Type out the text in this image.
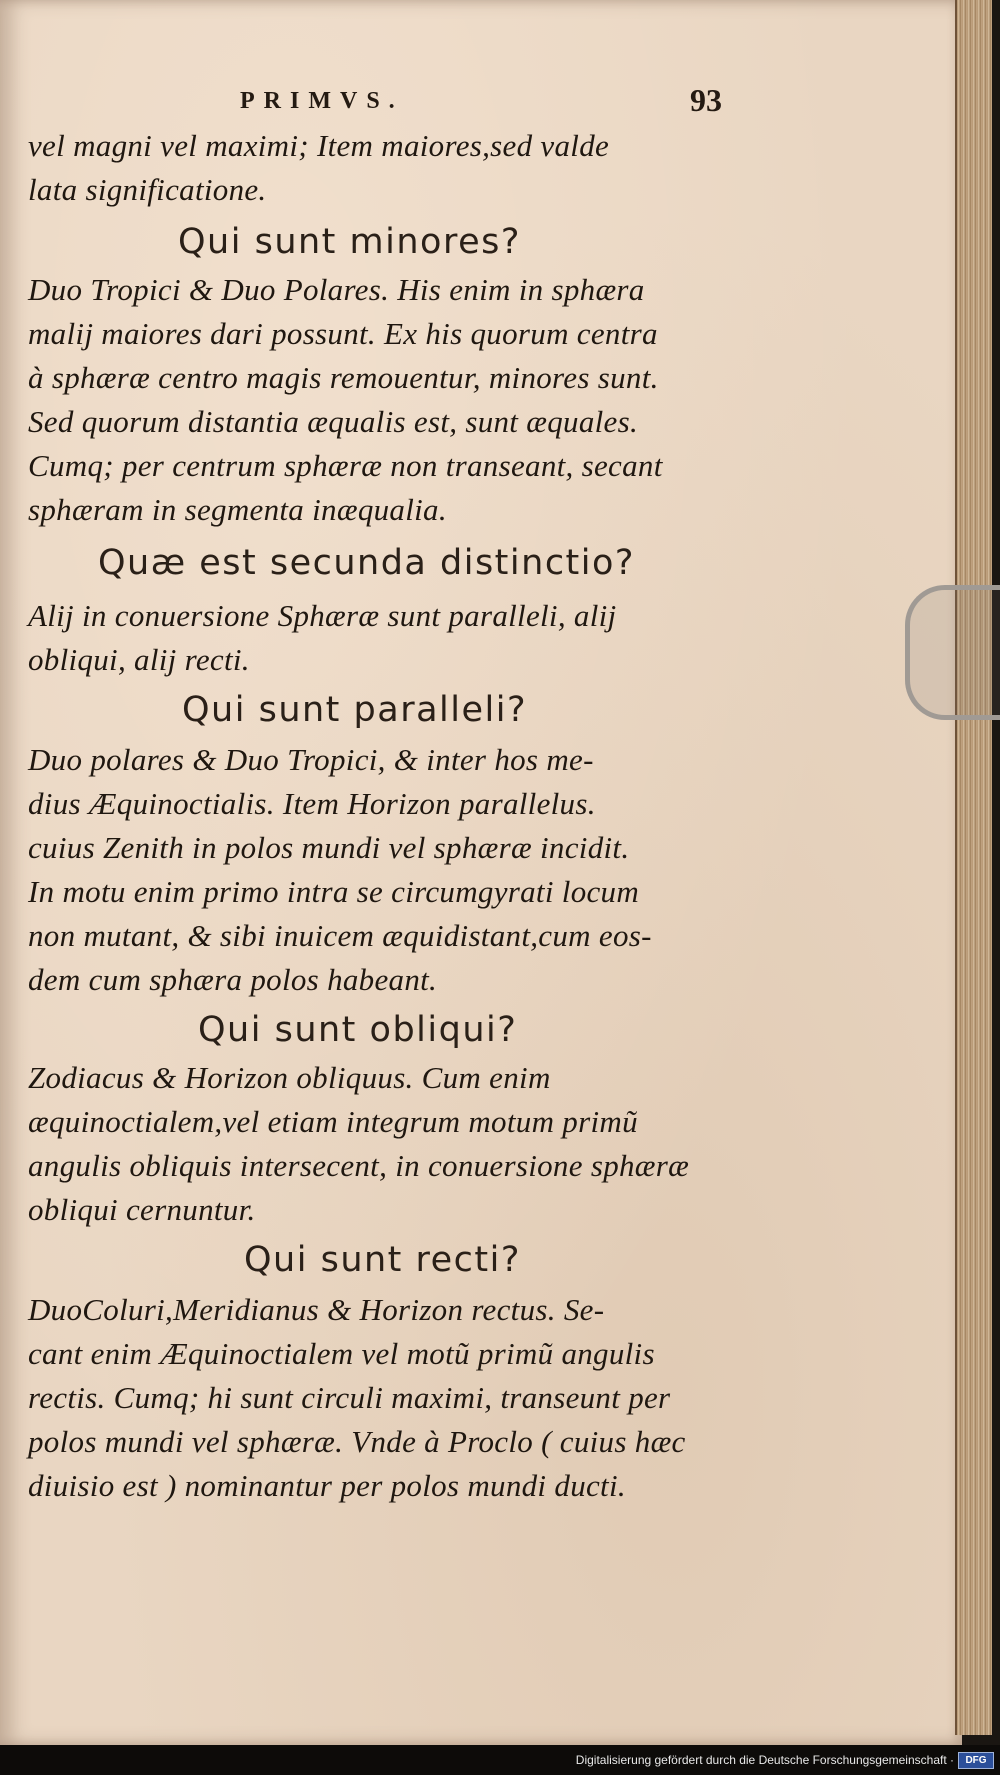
PRIMVS.	93
vel magni vel maximi; Item maiores,sed valde
lata significatione.
Qui sunt minores?
Duo Tropici & Duo Polares. His enim in sphæra
malij maiores dari possunt. Ex his quorum centra
à sphæræ centro magis remouentur, minores sunt.
Sed quorum distantia æqualis est, sunt æquales.
Cumq; per centrum sphæræ non transeant, secant
sphæram in segmenta inæqualia.
Quæ est secunda distinctio?
Alij in conuersione Sphæræ sunt paralleli, alij
obliqui, alij recti.
Qui sunt paralleli?
Duo polares & Duo Tropici, & inter hos me-
dius Æquinoctialis. Item Horizon parallelus.
cuius Zenith in polos mundi vel sphæræ incidit.
In motu enim primo intra se circumgyrati locum
non mutant, & sibi inuicem æquidistant,cum eos-
dem cum sphæra polos habeant.
Qui sunt obliqui?
Zodiacus & Horizon obliquus. Cum enim
æquinoctialem,vel etiam integrum motum primũ
angulis obliquis intersecent, in conuersione sphæræ
obliqui cernuntur.
Qui sunt recti?
DuoColuri,Meridianus & Horizon rectus. Se-
cant enim Æquinoctialem vel motũ primũ angulis
rectis. Cumq; hi sunt circuli maximi, transeunt per
polos mundi vel sphæræ. Vnde à Proclo ( cuius hæc
diuisio est ) nominantur per polos mundi ducti.
Digitalisierung gefördert durch die Deutsche Forschungsgemeinschaft ·	DFG
